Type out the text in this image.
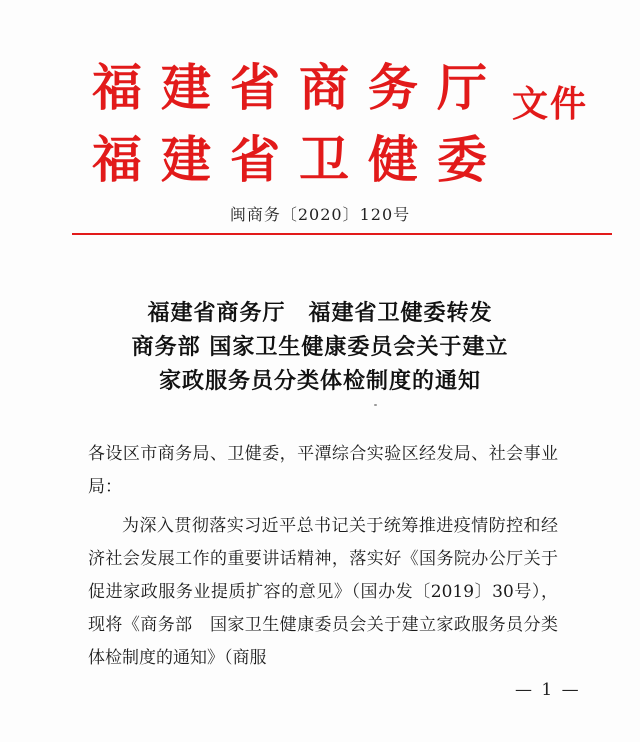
福建省商务厅
福建省卫健委
文件
闽商务〔2020〕120号
福建省商务厅　福建省卫健委转发
商务部 国家卫生健康委员会关于建立
家政服务员分类体检制度的通知

各设区市商务局、卫健委，平潭综合实验区经发局、社会事业局：

为深入贯彻落实习近平总书记关于统筹推进疫情防控和经济社会发展工作的重要讲话精神，落实好《国务院办公厅关于促进家政服务业提质扩容的意见》（国办发〔2019〕30号），现将《商务部　国家卫生健康委员会关于建立家政服务员分类体检制度的通知》（商服

— 1 —
